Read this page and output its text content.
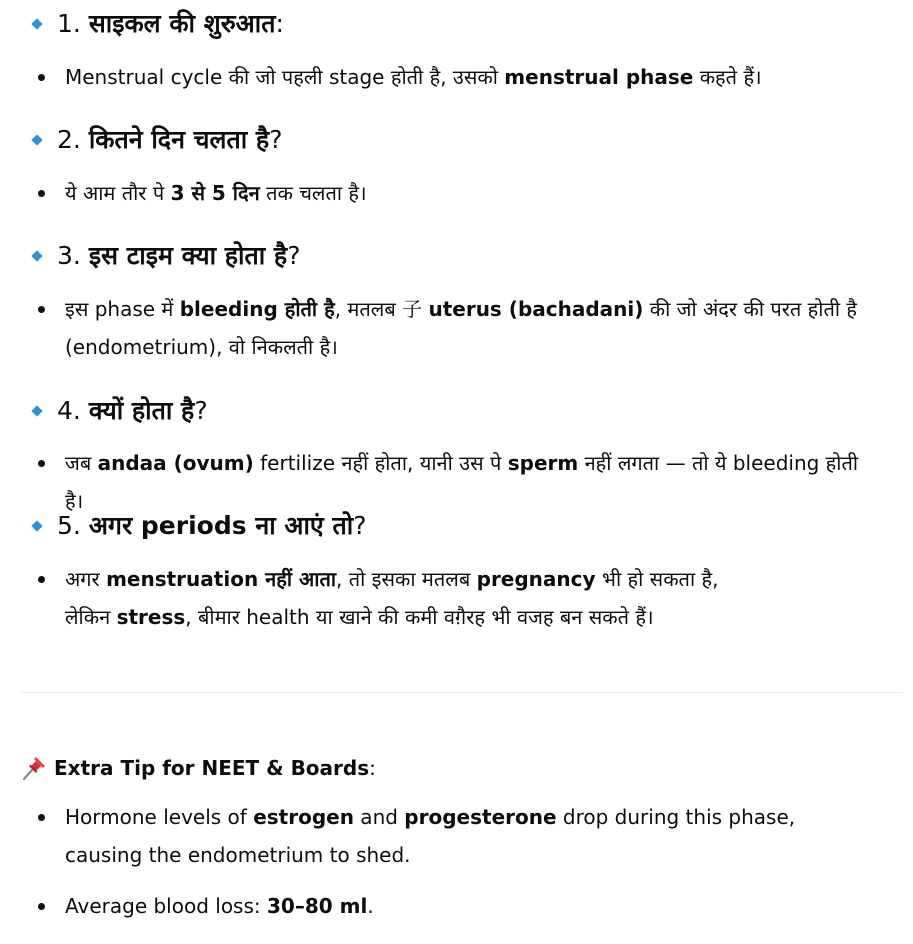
1. साइकल की शुरुआत:
Menstrual cycle की जो पहली stage होती है, उसको menstrual phase कहते हैं।
2. कितने दिन चलता है?
ये आम तौर पे 3 से 5 दिन तक चलता है।
3. इस टाइम क्या होता है?
इस phase में bleeding होती है, मतलब 子 uterus (bachadani) की जो अंदर की परत होती है (endometrium), वो निकलती है।
4. क्यों होता है?
जब andaa (ovum) fertilize नहीं होता, यानी उस पे sperm नहीं लगता — तो ये bleeding होती है।
5. अगर periods ना आएं तो?
अगर menstruation नहीं आता, तो इसका मतलब pregnancy भी हो सकता है,
लेकिन stress, बीमार health या खाने की कमी वग़ैरह भी वजह बन सकते हैं।
Extra Tip for NEET & Boards:
Hormone levels of estrogen and progesterone drop during this phase, causing the endometrium to shed.
Average blood loss: 30–80 ml.
